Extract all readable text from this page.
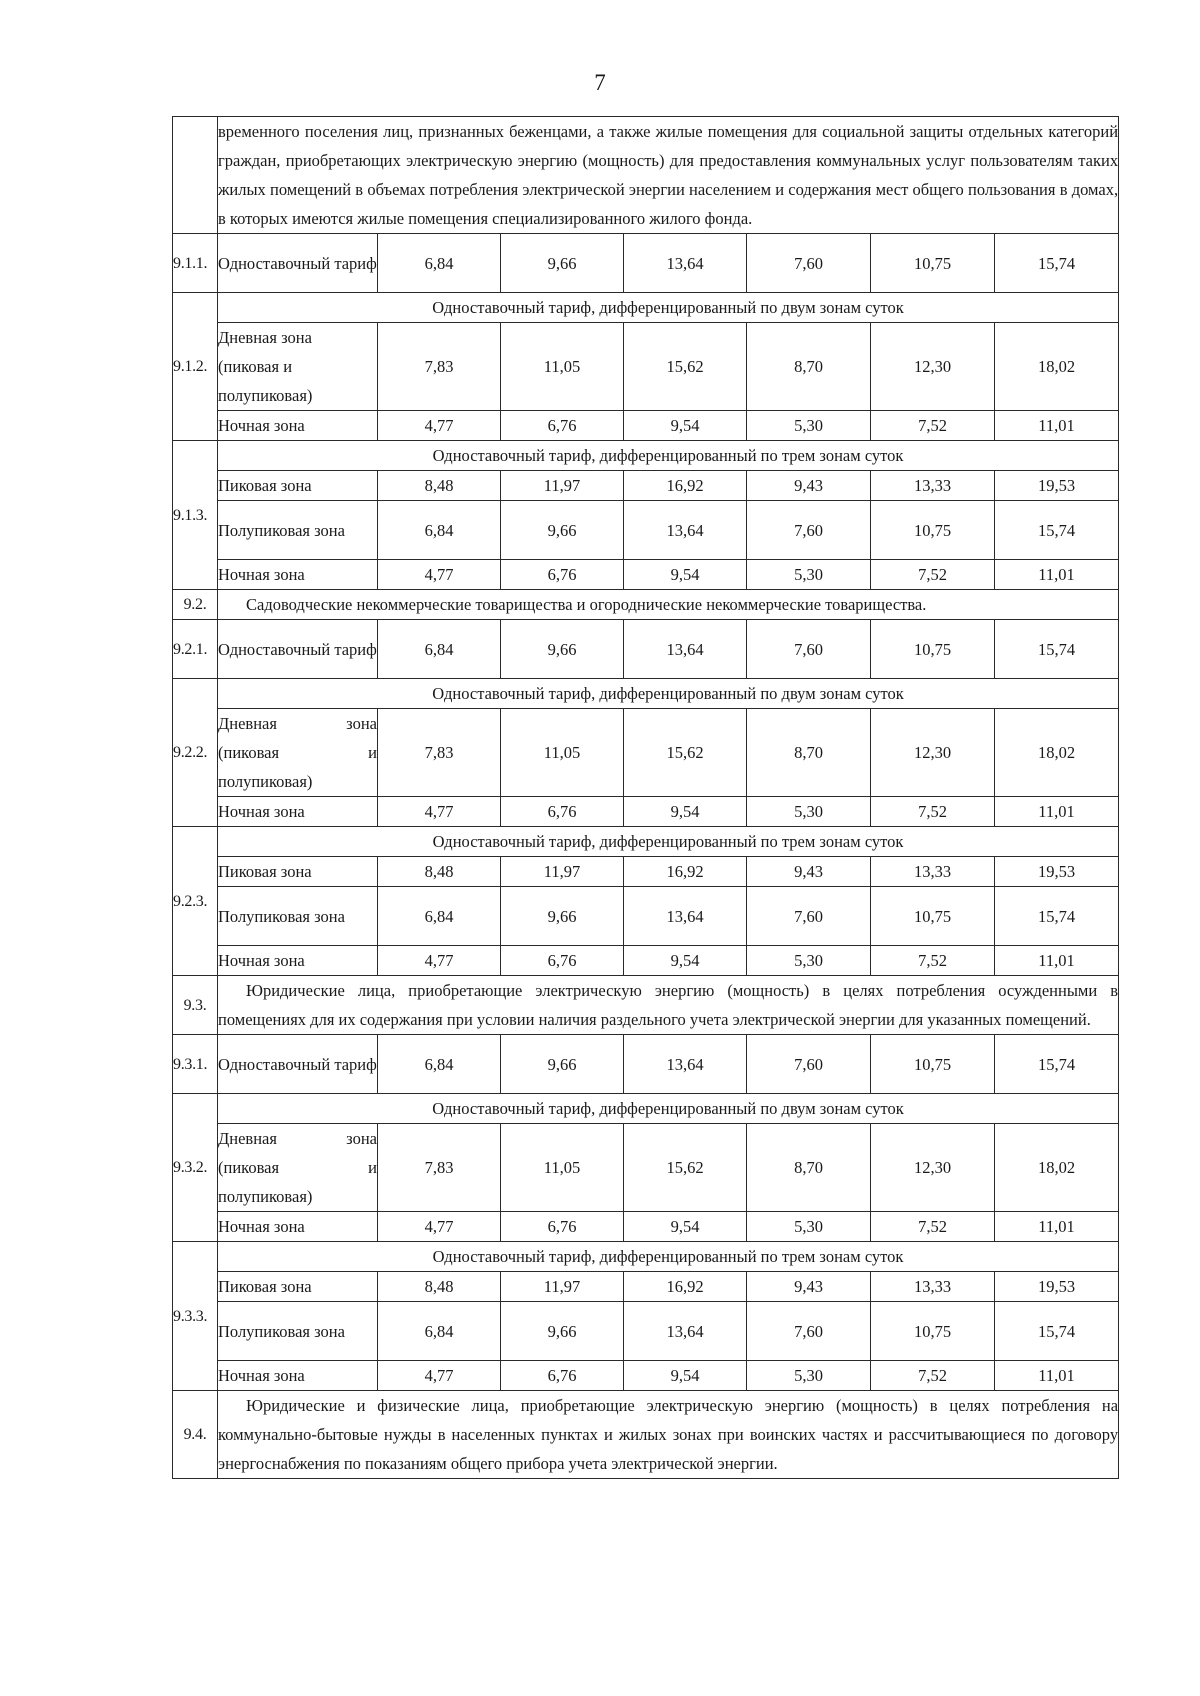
7
	временного поселения лиц, признанных беженцами, а также жилые помещения для социальной защиты отдельных категорий граждан, приобретающих электрическую энергию (мощность) для предоставления коммунальных услуг пользователям таких жилых помещений в объемах потребления электрической энергии населением и содержания мест общего пользования в домах, в которых имеются жилые помещения специализированного жилого фонда.						
9.1.1.	Одноставочный тариф	6,84	9,66	13,64	7,60	10,75	15,74
9.1.2.	Одноставочный тариф, дифференцированный по двум зонам суток						
	Дневная зона (пиковая и полупиковая)	7,83	11,05	15,62	8,70	12,30	18,02
	Ночная зона	4,77	6,76	9,54	5,30	7,52	11,01
9.1.3.	Одноставочный тариф, дифференцированный по трем зонам суток						
	Пиковая зона	8,48	11,97	16,92	9,43	13,33	19,53
	Полупиковая зона	6,84	9,66	13,64	7,60	10,75	15,74
	Ночная зона	4,77	6,76	9,54	5,30	7,52	11,01
9.2.	Садоводческие некоммерческие товарищества и огороднические некоммерческие товарищества.						
9.2.1.	Одноставочный тариф	6,84	9,66	13,64	7,60	10,75	15,74
9.2.2.	Одноставочный тариф, дифференцированный по двум зонам суток						
	Дневная зона (пиковая и полупиковая)	7,83	11,05	15,62	8,70	12,30	18,02
	Ночная зона	4,77	6,76	9,54	5,30	7,52	11,01
9.2.3.	Одноставочный тариф, дифференцированный по трем зонам суток						
	Пиковая зона	8,48	11,97	16,92	9,43	13,33	19,53
	Полупиковая зона	6,84	9,66	13,64	7,60	10,75	15,74
	Ночная зона	4,77	6,76	9,54	5,30	7,52	11,01
9.3.	Юридические лица, приобретающие электрическую энергию (мощность) в целях потребления осужденными в помещениях для их содержания при условии наличия раздельного учета электрической энергии для указанных помещений.						
9.3.1.	Одноставочный тариф	6,84	9,66	13,64	7,60	10,75	15,74
9.3.2.	Одноставочный тариф, дифференцированный по двум зонам суток						
	Дневная зона (пиковая и полупиковая)	7,83	11,05	15,62	8,70	12,30	18,02
	Ночная зона	4,77	6,76	9,54	5,30	7,52	11,01
9.3.3.	Одноставочный тариф, дифференцированный по трем зонам суток						
	Пиковая зона	8,48	11,97	16,92	9,43	13,33	19,53
	Полупиковая зона	6,84	9,66	13,64	7,60	10,75	15,74
	Ночная зона	4,77	6,76	9,54	5,30	7,52	11,01
9.4.	Юридические и физические лица, приобретающие электрическую энергию (мощность) в целях потребления на коммунально-бытовые нужды в населенных пунктах и жилых зонах при воинских частях и рассчитывающиеся по договору энергоснабжения по показаниям общего прибора учета электрической энергии.						
